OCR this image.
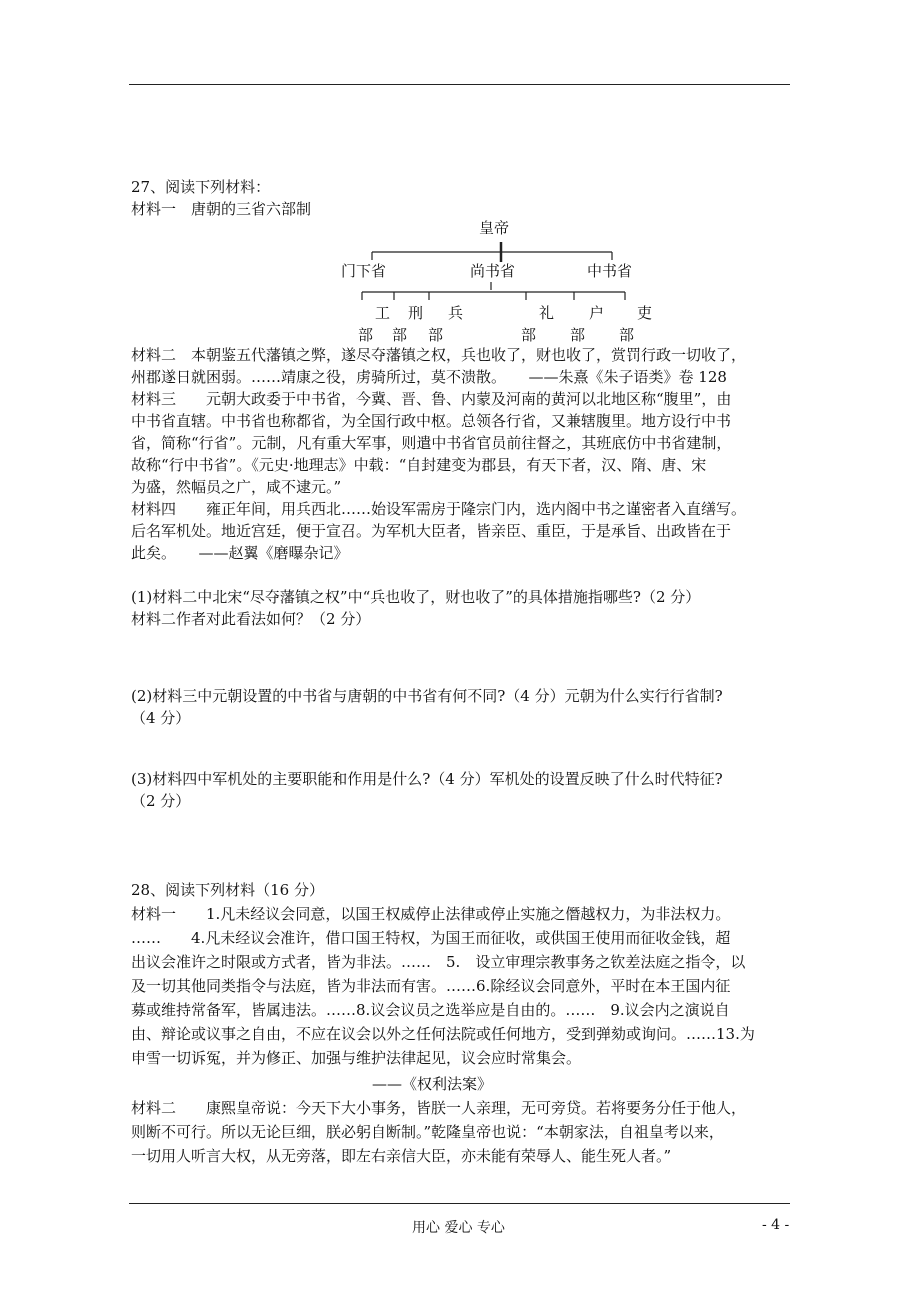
27、阅读下列材料：
材料一　唐朝的三省六部制
皇帝
门下省	尚书省	中书省
工 刑 兵	礼 户 吏
部 部 部	部 部 部
材料二　本朝鉴五代藩镇之弊，遂尽夺藩镇之权，兵也收了，财也收了，赏罚行政一切收了，
州郡遂日就困弱。……靖康之役，虏骑所过，莫不溃散。　　——朱熹《朱子语类》卷 128
材料三　　元朝大政委于中书省，今冀、晋、鲁、内蒙及河南的黄河以北地区称“腹里”，由
中书省直辖。中书省也称都省，为全国行政中枢。总领各行省，又兼辖腹里。地方设行中书
省，简称“行省”。元制，凡有重大军事，则遣中书省官员前往督之，其班底仿中书省建制，
故称“行中书省”。《元史·地理志》中载：“自封建变为郡县，有天下者，汉、隋、唐、宋
为盛，然幅员之广，咸不逮元。”
材料四　　雍正年间，用兵西北……始设军需房于隆宗门内，选内阁中书之谨密者入直缮写。
后名军机处。地近宫廷，便于宣召。为军机大臣者，皆亲臣、重臣，于是承旨、出政皆在于
此矣。　　——赵翼《磨曝杂记》
(1)材料二中北宋“尽夺藩镇之权”中“兵也收了，财也收了”的具体措施指哪些?（2 分）
材料二作者对此看法如何？（2 分）
(2)材料三中元朝设置的中书省与唐朝的中书省有何不同?（4 分）元朝为什么实行行省制?
（4 分）
(3)材料四中军机处的主要职能和作用是什么?（4 分）军机处的设置反映了什么时代特征?
（2 分）
28、阅读下列材料（16 分）
材料一　　1.凡未经议会同意，以国王权威停止法律或停止实施之僭越权力，为非法权力。
……　　4.凡未经议会准许，借口国王特权，为国王而征收，或供国王使用而征收金钱，超
出议会准许之时限或方式者，皆为非法。……　5.　设立审理宗教事务之钦差法庭之指令，以
及一切其他同类指令与法庭，皆为非法而有害。……6.除经议会同意外，平时在本王国内征
募或维持常备军，皆属违法。……8.议会议员之选举应是自由的。……　9.议会内之演说自
由、辩论或议事之自由，不应在议会以外之任何法院或任何地方，受到弹劾或询问。……13.为
申雪一切诉冤，并为修正、加强与维护法律起见，议会应时常集会。
——《权利法案》
材料二　　康熙皇帝说：今天下大小事务，皆朕一人亲理，无可旁贷。若将要务分任于他人，
则断不可行。所以无论巨细，朕必躬自断制。”乾隆皇帝也说：“本朝家法，自祖皇考以来，
一切用人听言大权，从无旁落，即左右亲信大臣，亦未能有荣辱人、能生死人者。”
用心 爱心 专心	- 4 -
